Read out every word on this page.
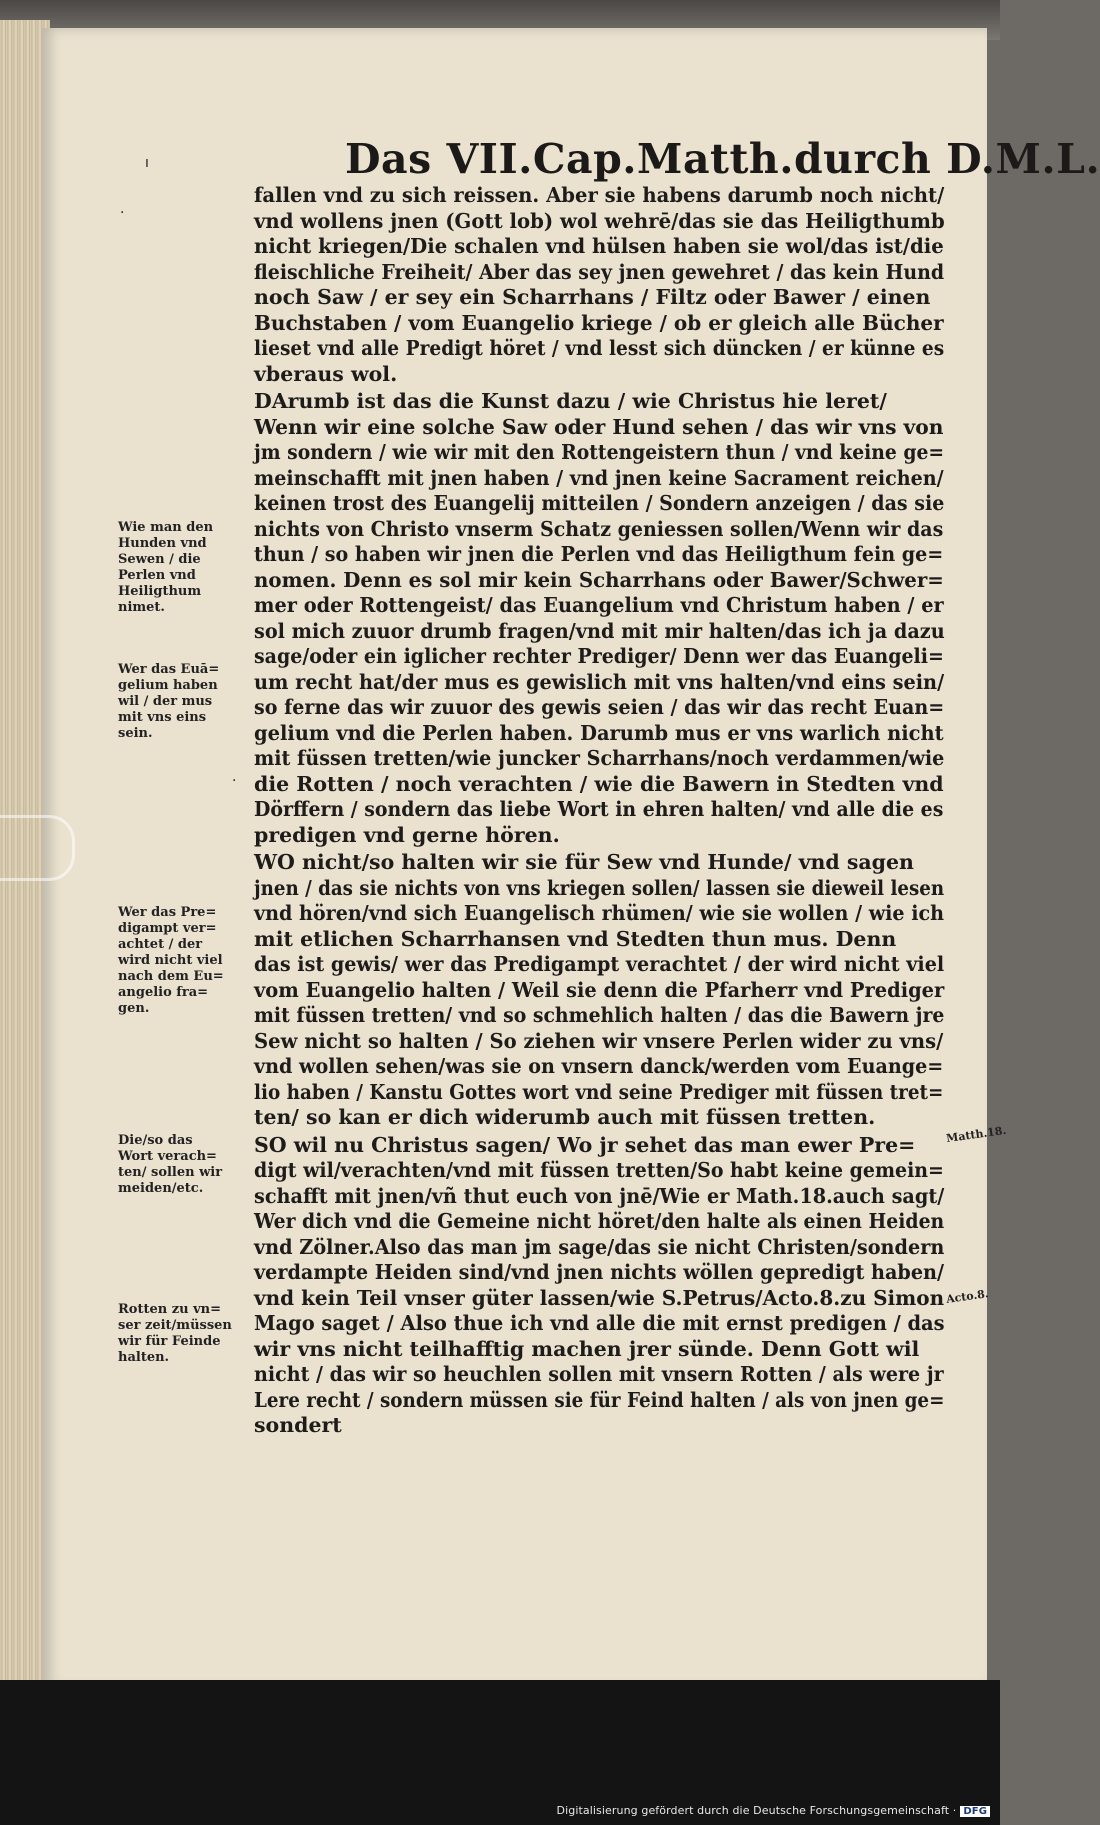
ı
·
·
Das VII.Cap.Matth.durch D.M.L.
fallen vnd zu sich reissen. Aber sie habens darumb noch nicht/
vnd wollens jnen (Gott lob) wol wehrē/das sie das Heiligthumb
nicht kriegen/Die schalen vnd hülsen haben sie wol/das ist/die
fleischliche Freiheit/ Aber das sey jnen gewehret / das kein Hund
noch Saw / er sey ein Scharrhans / Filtz oder Bawer / einen
Buchstaben / vom Euangelio kriege / ob er gleich alle Bücher
lieset vnd alle Predigt höret / vnd lesst sich düncken / er künne es
vberaus wol.
DArumb ist das die Kunst dazu / wie Christus hie leret/
Wenn wir eine solche Saw oder Hund sehen / das wir vns von
jm sondern / wie wir mit den Rottengeistern thun / vnd keine ge=
meinschafft mit jnen haben / vnd jnen keine Sacrament reichen/
keinen trost des Euangelij mitteilen / Sondern anzeigen / das sie
nichts von Christo vnserm Schatz geniessen sollen/Wenn wir das
thun / so haben wir jnen die Perlen vnd das Heiligthum fein ge=
nomen. Denn es sol mir kein Scharrhans oder Bawer/Schwer=
mer oder Rottengeist/ das Euangelium vnd Christum haben / er
sol mich zuuor drumb fragen/vnd mit mir halten/das ich ja dazu
sage/oder ein iglicher rechter Prediger/ Denn wer das Euangeli=
um recht hat/der mus es gewislich mit vns halten/vnd eins sein/
so ferne das wir zuuor des gewis seien / das wir das recht Euan=
gelium vnd die Perlen haben. Darumb mus er vns warlich nicht
mit füssen tretten/wie juncker Scharrhans/noch verdammen/wie
die Rotten / noch verachten / wie die Bawern in Stedten vnd
Dörffern / sondern das liebe Wort in ehren halten/ vnd alle die es
predigen vnd gerne hören.
WO nicht/so halten wir sie für Sew vnd Hunde/ vnd sagen
jnen / das sie nichts von vns kriegen sollen/ lassen sie dieweil lesen
vnd hören/vnd sich Euangelisch rhümen/ wie sie wollen / wie ich
mit etlichen Scharrhansen vnd Stedten thun mus. Denn
das ist gewis/ wer das Predigampt verachtet / der wird nicht viel
vom Euangelio halten / Weil sie denn die Pfarherr vnd Prediger
mit füssen tretten/ vnd so schmehlich halten / das die Bawern jre
Sew nicht so halten / So ziehen wir vnsere Perlen wider zu vns/
vnd wollen sehen/was sie on vnsern danck/werden vom Euange=
lio haben / Kanstu Gottes wort vnd seine Prediger mit füssen tret=
ten/ so kan er dich widerumb auch mit füssen tretten.
SO wil nu Christus sagen/ Wo jr sehet das man ewer Pre=
digt wil/verachten/vnd mit füssen tretten/So habt keine gemein=
schafft mit jnen/vñ thut euch von jnē/Wie er Math.18.auch sagt/
Wer dich vnd die Gemeine nicht höret/den halte als einen Heiden
vnd Zölner.Also das man jm sage/das sie nicht Christen/sondern
verdampte Heiden sind/vnd jnen nichts wöllen gepredigt haben/
vnd kein Teil vnser güter lassen/wie S.Petrus/Acto.8.zu Simon
Mago saget / Also thue ich vnd alle die mit ernst predigen / das
wir vns nicht teilhafftig machen jrer sünde. Denn Gott wil
nicht / das wir so heuchlen sollen mit vnsern Rotten / als were jr
Lere recht / sondern müssen sie für Feind halten / als von jnen ge=
sondert
Wie man den
Hunden vnd
Sewen / die
Perlen vnd
Heiligthum
nimet.
Wer das Euā=
gelium haben
wil / der mus
mit vns eins
sein.
Wer das Pre=
digampt ver=
achtet / der
wird nicht viel
nach dem Eu=
angelio fra=
gen.
Die/so das
Wort verach=
ten/ sollen wir
meiden/etc.
Rotten zu vn=
ser zeit/müssen
wir für Feinde
halten.
Matth.18.
Acto.8.
Digitalisierung gefördert durch die Deutsche Forschungsgemeinschaft · DFG
